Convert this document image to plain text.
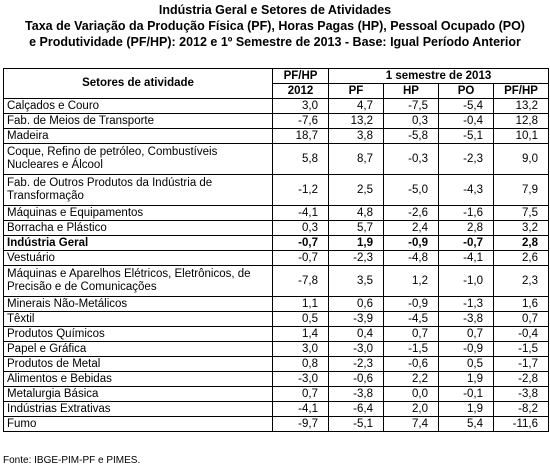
Indústria Geral e Setores de Atividades
Taxa de Variação da Produção Física (PF), Horas Pagas (HP), Pessoal Ocupado (PO)
e Produtividade (PF/HP): 2012 e 1º Semestre de 2013 - Base: Igual Período Anterior
Setores de atividade	PF/HP	1 semestre de 2013			
	2012	PF	HP	PO	PF/HP
Calçados e Couro	3,0	4,7	-7,5	-5,4	13,2
Fab. de Meios de Transporte	-7,6	13,2	0,3	-0,4	12,8
Madeira	18,7	3,8	-5,8	-5,1	10,1
Coque, Refino de petróleo, Combustíveis Nucleares e Álcool	5,8	8,7	-0,3	-2,3	9,0
Fab. de Outros Produtos da Indústria de Transformação	-1,2	2,5	-5,0	-4,3	7,9
Máquinas e Equipamentos	-4,1	4,8	-2,6	-1,6	7,5
Borracha e Plástico	0,3	5,7	2,4	2,8	3,2
Indústria Geral	-0,7	1,9	-0,9	-0,7	2,8
Vestuário	-0,7	-2,3	-4,8	-4,1	2,6
Máquinas e Aparelhos Elétricos, Eletrônicos, de Precisão e de Comunicações	-7,8	3,5	1,2	-1,0	2,3
Minerais Não-Metálicos	1,1	0,6	-0,9	-1,3	1,6
Têxtil	0,5	-3,9	-4,5	-3,8	0,7
Produtos Químicos	1,4	0,4	0,7	0,7	-0,4
Papel e Gráfica	3,0	-3,0	-1,5	-0,9	-1,5
Produtos de Metal	0,8	-2,3	-0,6	0,5	-1,7
Alimentos e Bebidas	-3,0	-0,6	2,2	1,9	-2,8
Metalurgia Básica	0,7	-3,8	0,0	-0,1	-3,8
Indústrias Extrativas	-4,1	-6,4	2,0	1,9	-8,2
Fumo	-9,7	-5,1	7,4	5,4	-11,6
Fonte: IBGE-PIM-PF e PIMES.
